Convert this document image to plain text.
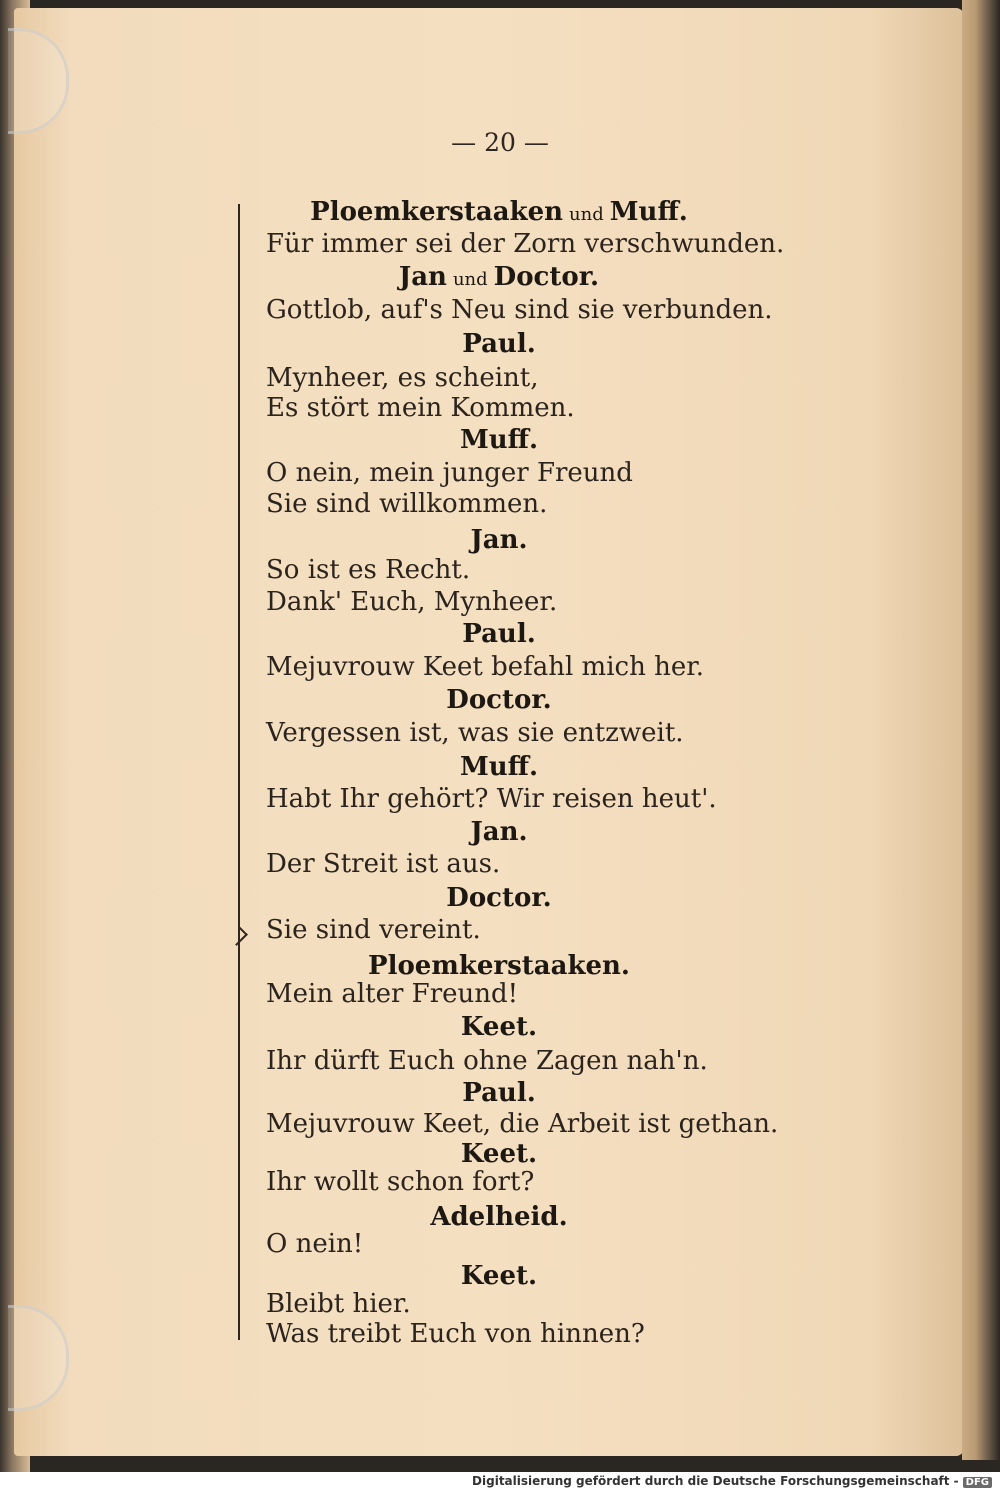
— 20 —
Ploemkerstaaken und Muff.
Für immer sei der Zorn verschwunden.
Jan und Doctor.
Gottlob, auf's Neu sind sie verbunden.
Paul.
Mynheer, es scheint,
Es stört mein Kommen.
Muff.
O nein, mein junger Freund
Sie sind willkommen.
Jan.
So ist es Recht.
Dank' Euch, Mynheer.
Paul.
Mejuvrouw Keet befahl mich her.
Doctor.
Vergessen ist, was sie entzweit.
Muff.
Habt Ihr gehört? Wir reisen heut'.
Jan.
Der Streit ist aus.
Doctor.
Sie sind vereint.
Ploemkerstaaken.
Mein alter Freund!
Keet.
Ihr dürft Euch ohne Zagen nah'n.
Paul.
Mejuvrouw Keet, die Arbeit ist gethan.
Keet.
Ihr wollt schon fort?
Adelheid.
O nein!
Keet.
Bleibt hier.
Was treibt Euch von hinnen?
Digitalisierung gefördert durch die Deutsche Forschungsgemeinschaft - DFG
